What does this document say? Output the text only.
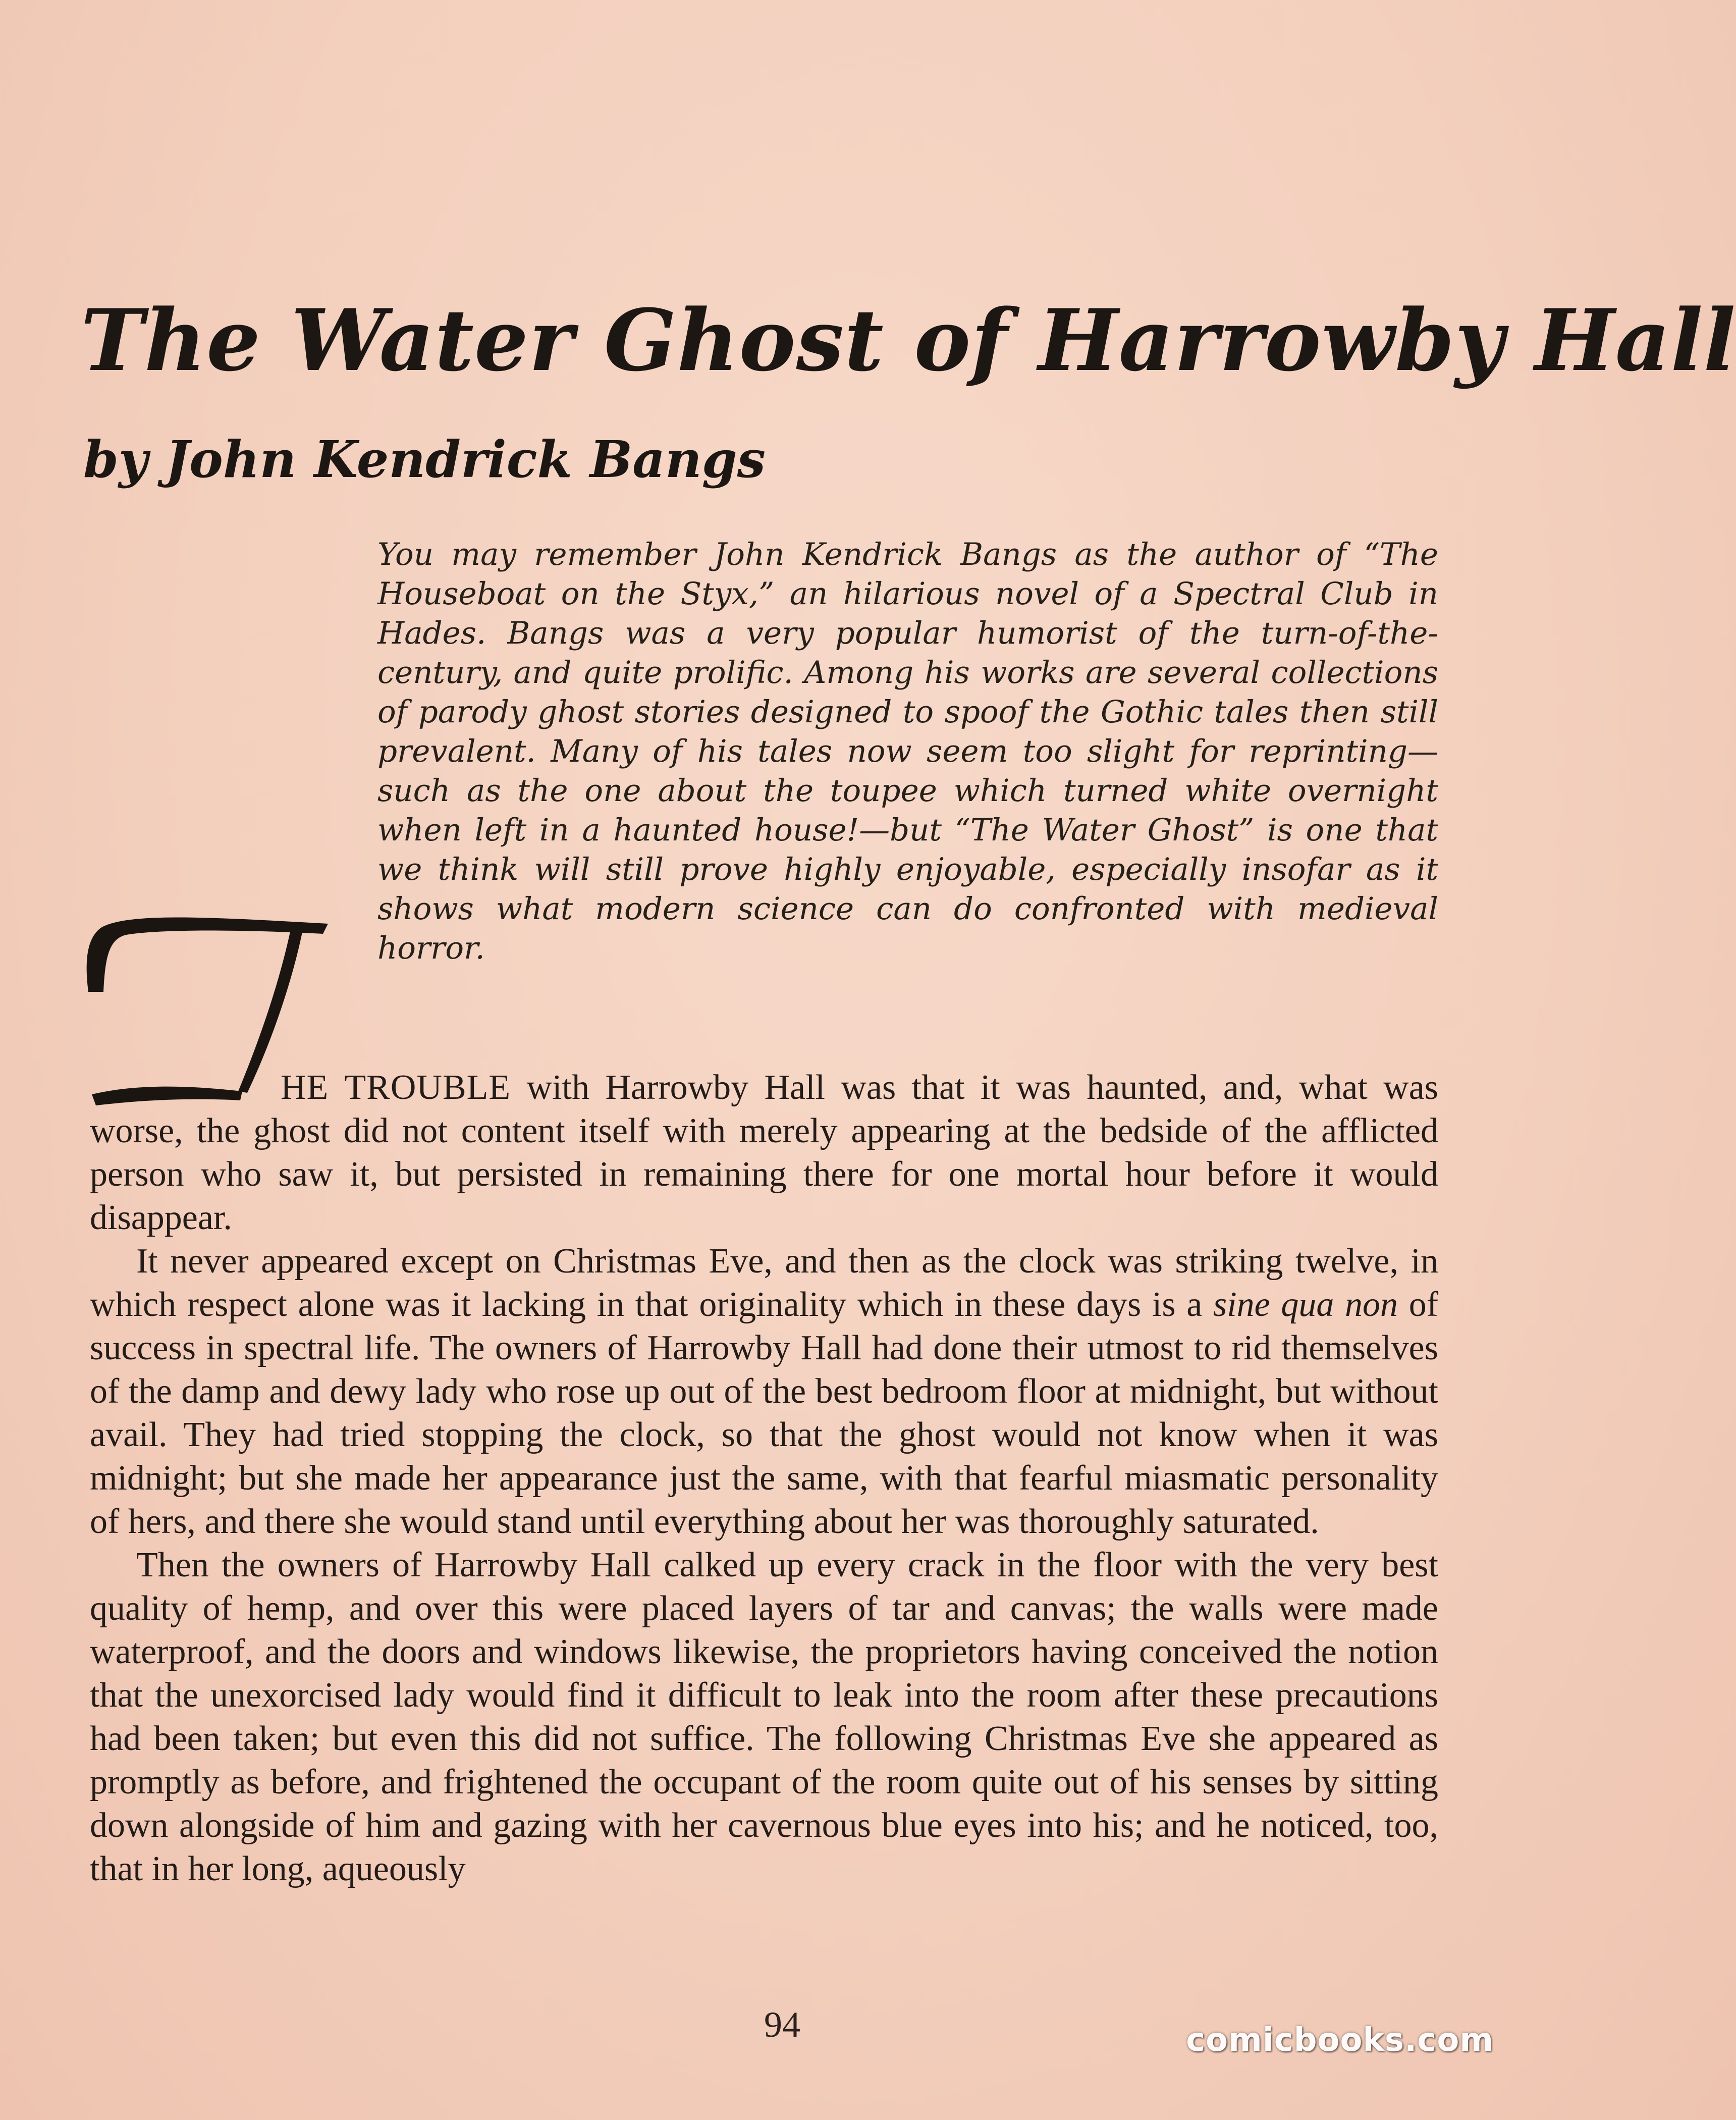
The Water Ghost of Harrowby Hall
by John Kendrick Bangs
You may remember John Kendrick Bangs as the author of “The Houseboat on the Styx,” an hilarious novel of a Spectral Club in Hades. Bangs was a very popular humorist of the turn-of-the-century, and quite prolific. Among his works are several collections of parody ghost stories designed to spoof the Gothic tales then still prevalent. Many of his tales now seem too slight for reprinting—such as the one about the toupee which turned white overnight when left in a haunted house!—but “The Water Ghost” is one that we think will still prove highly enjoyable, especially insofar as it shows what modern science can do confronted with medieval horror.

HE TROUBLE with Harrowby Hall was that it was haunted, and, what was worse, the ghost did not content itself with merely appearing at the bedside of the afflicted person who saw it, but persisted in remaining there for one mortal hour before it would disappear.

It never appeared except on Christmas Eve, and then as the clock was striking twelve, in which respect alone was it lacking in that originality which in these days is a sine qua non of success in spectral life. The owners of Harrowby Hall had done their utmost to rid themselves of the damp and dewy lady who rose up out of the best bedroom floor at midnight, but without avail. They had tried stopping the clock, so that the ghost would not know when it was midnight; but she made her appearance just the same, with that fearful miasmatic personality of hers, and there she would stand until everything about her was thoroughly saturated.

Then the owners of Harrowby Hall calked up every crack in the floor with the very best quality of hemp, and over this were placed layers of tar and canvas; the walls were made waterproof, and the doors and windows likewise, the proprietors having conceived the notion that the unexorcised lady would find it difficult to leak into the room after these precautions had been taken; but even this did not suffice. The following Christmas Eve she appeared as promptly as before, and frightened the occupant of the room quite out of his senses by sitting down alongside of him and gazing with her cavernous blue eyes into his; and he noticed, too, that in her long, aqueously

94	comicbooks.com
